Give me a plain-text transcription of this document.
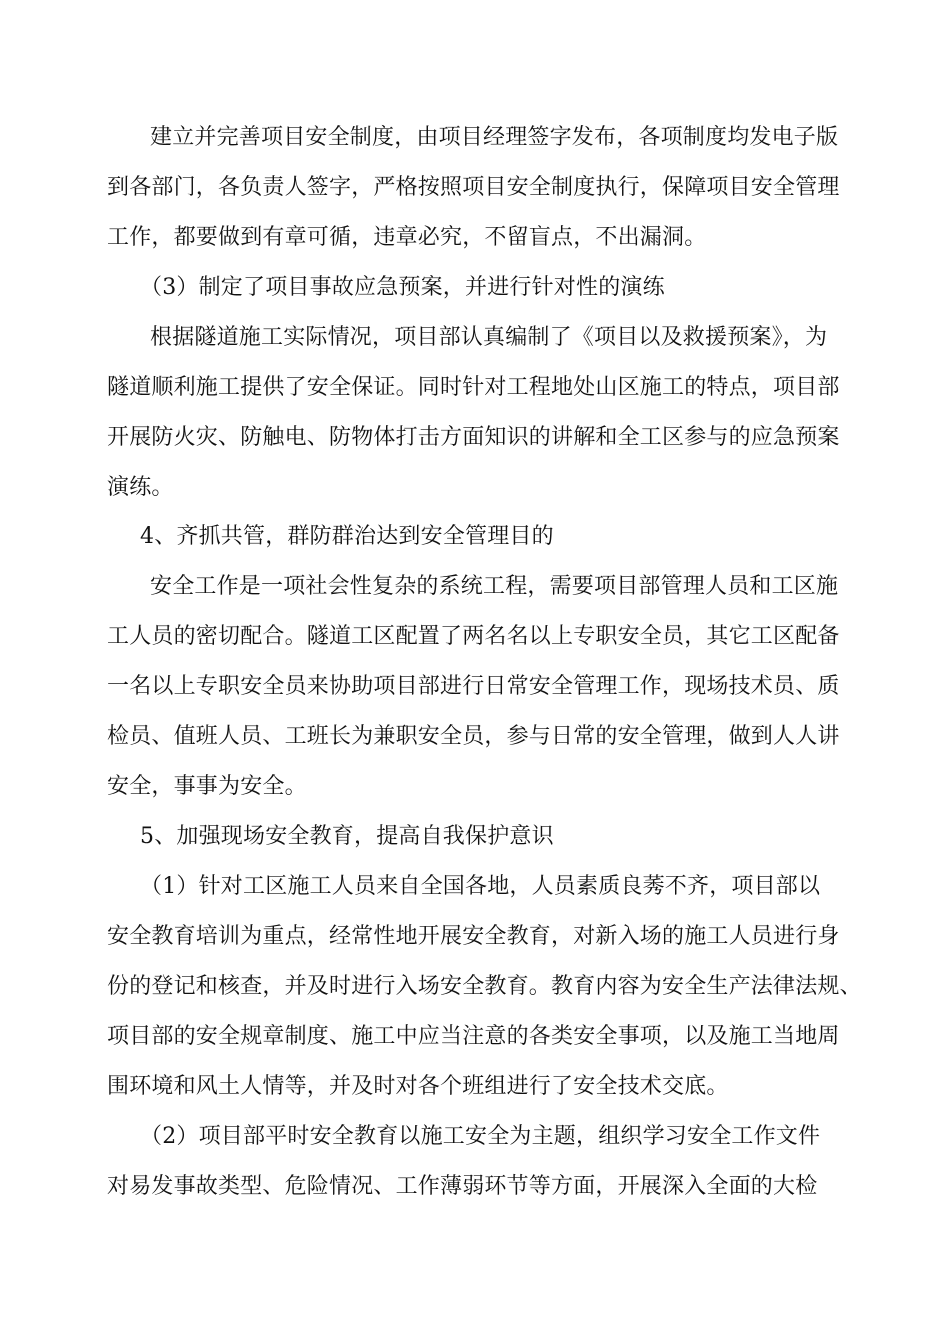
建立并完善项目安全制度，由项目经理签字发布，各项制度均发电子版
到各部门，各负责人签字，严格按照项目安全制度执行，保障项目安全管理
工作，都要做到有章可循，违章必究，不留盲点，不出漏洞。
（3）制定了项目事故应急预案，并进行针对性的演练
根据隧道施工实际情况，项目部认真编制了《项目以及救援预案》，为
隧道顺利施工提供了安全保证。同时针对工程地处山区施工的特点，项目部
开展防火灾、防触电、防物体打击方面知识的讲解和全工区参与的应急预案
演练。
4、齐抓共管，群防群治达到安全管理目的
安全工作是一项社会性复杂的系统工程，需要项目部管理人员和工区施
工人员的密切配合。隧道工区配置了两名名以上专职安全员，其它工区配备
一名以上专职安全员来协助项目部进行日常安全管理工作，现场技术员、质
检员、值班人员、工班长为兼职安全员，参与日常的安全管理，做到人人讲
安全，事事为安全。
5、加强现场安全教育，提高自我保护意识
（1）针对工区施工人员来自全国各地，人员素质良莠不齐，项目部以
安全教育培训为重点，经常性地开展安全教育，对新入场的施工人员进行身
份的登记和核查，并及时进行入场安全教育。教育内容为安全生产法律法规、
项目部的安全规章制度、施工中应当注意的各类安全事项，以及施工当地周
围环境和风土人情等，并及时对各个班组进行了安全技术交底。
（2）项目部平时安全教育以施工安全为主题，组织学习安全工作文件
对易发事故类型、危险情况、工作薄弱环节等方面，开展深入全面的大检
